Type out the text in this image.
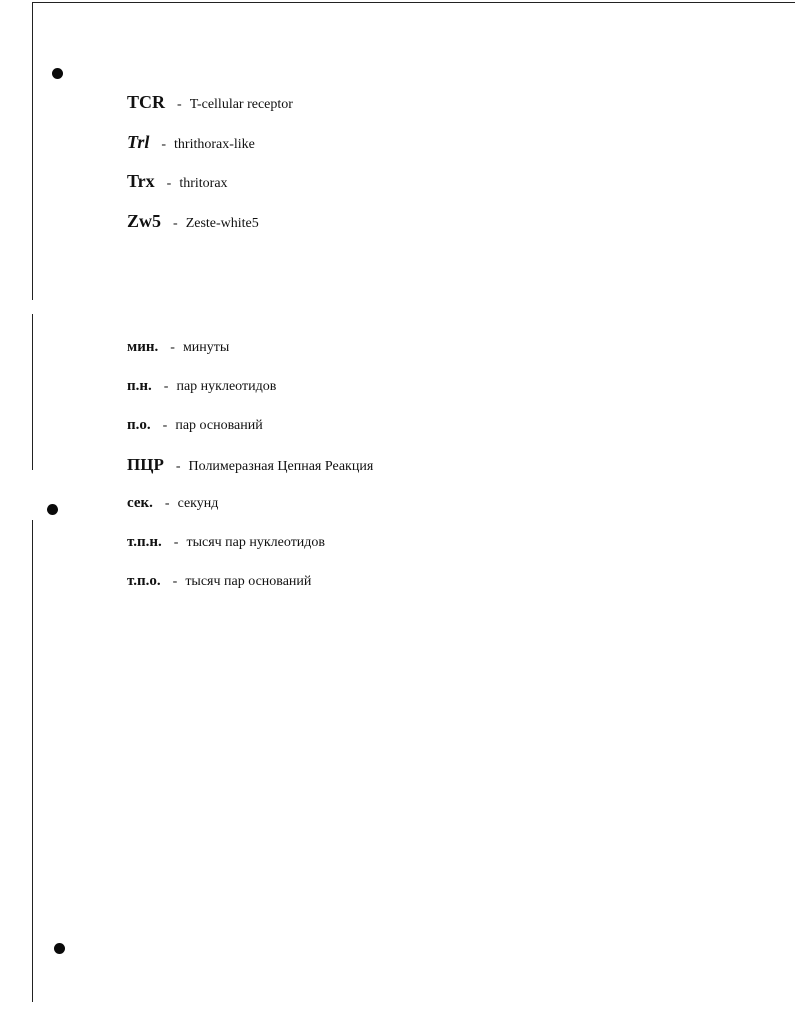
TCR - T-cellular receptor
Trl - thrithorax-like
Trx - thritorax
Zw5 - Zeste-white5
мин. - минуты
п.н. - пар нуклеотидов
п.о. - пар оснований
ПЦР - Полимеразная Цепная Реакция
сек. - секунд
т.п.н. - тысяч пар нуклеотидов
т.п.о. - тысяч пар оснований
